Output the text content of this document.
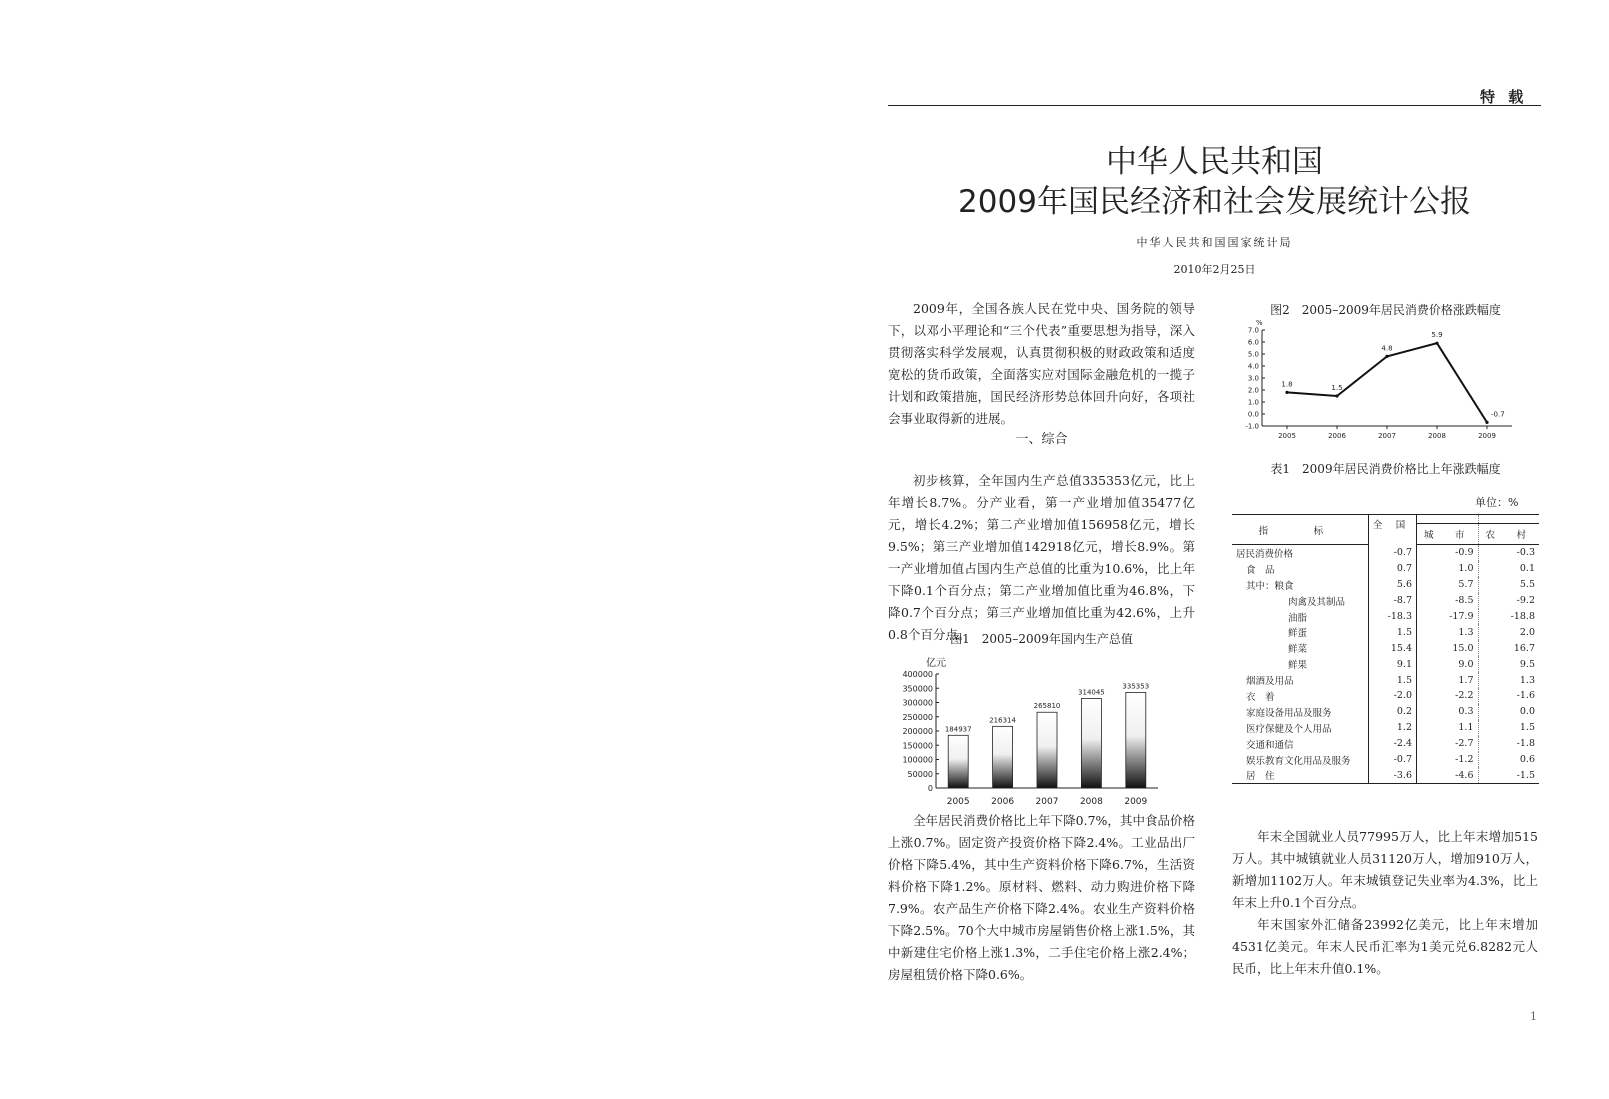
特 载
中华人民共和国
2009年国民经济和社会发展统计公报
中华人民共和国国家统计局
2010年2月25日

2009年，全国各族人民在党中央、国务院的领导下，以邓小平理论和“三个代表”重要思想为指导，深入贯彻落实科学发展观，认真贯彻积极的财政政策和适度宽松的货币政策，全面落实应对国际金融危机的一揽子计划和政策措施，国民经济形势总体回升向好，各项社会事业取得新的进展。

一、综合

初步核算，全年国内生产总值335353亿元，比上年增长8.7%。分产业看，第一产业增加值35477亿元，增长4.2%；第二产业增加值156958亿元，增长9.5%；第三产业增加值142918亿元，增长8.9%。第一产业增加值占国内生产总值的比重为10.6%，比上年下降0.1个百分点；第二产业增加值比重为46.8%，下降0.7个百分点；第三产业增加值比重为42.6%，上升0.8个百分点。

图1　2005–2009年国内生产总值
亿元
0
50000
100000
150000
200000
250000
300000
350000
400000
184937
2005
216314
2006
265810
2007
314045
2008
335353
2009

全年居民消费价格比上年下降0.7%，其中食品价格上涨0.7%。固定资产投资价格下降2.4%。工业品出厂价格下降5.4%，其中生产资料价格下降6.7%，生活资料价格下降1.2%。原材料、燃料、动力购进价格下降7.9%。农产品生产价格下降2.4%。农业生产资料价格下降2.5%。70个大中城市房屋销售价格上涨1.5%，其中新建住宅价格上涨1.3%，二手住宅价格上涨2.4%；房屋租赁价格下降0.6%。

图2　2005–2009年居民消费价格涨跌幅度
%
-1.0
0.0
1.0
2.0
3.0
4.0
5.0
6.0
7.0
1.8
2005
1.5
2006
4.8
2007
5.9
2008
-0.7
2009
表1　2009年居民消费价格比上年涨跌幅度
单位：%
指　标	全　国		
		城　市	农　村
居民消费价格	-0.7	-0.9	-0.3
食　品	0.7	1.0	0.1
其中：粮食	5.6	5.7	5.5
肉禽及其制品	-8.7	-8.5	-9.2
油脂	-18.3	-17.9	-18.8
鲜蛋	1.5	1.3	2.0
鲜菜	15.4	15.0	16.7
鲜果	9.1	9.0	9.5
烟酒及用品	1.5	1.7	1.3
衣　着	-2.0	-2.2	-1.6
家庭设备用品及服务	0.2	0.3	0.0
医疗保健及个人用品	1.2	1.1	1.5
交通和通信	-2.4	-2.7	-1.8
娱乐教育文化用品及服务	-0.7	-1.2	0.6
居　住	-3.6	-4.6	-1.5

年末全国就业人员77995万人，比上年末增加515万人。其中城镇就业人员31120万人，增加910万人，新增加1102万人。年末城镇登记失业率为4.3%，比上年末上升0.1个百分点。

年末国家外汇储备23992亿美元，比上年末增加4531亿美元。年末人民币汇率为1美元兑6.8282元人民币，比上年末升值0.1%。

1
